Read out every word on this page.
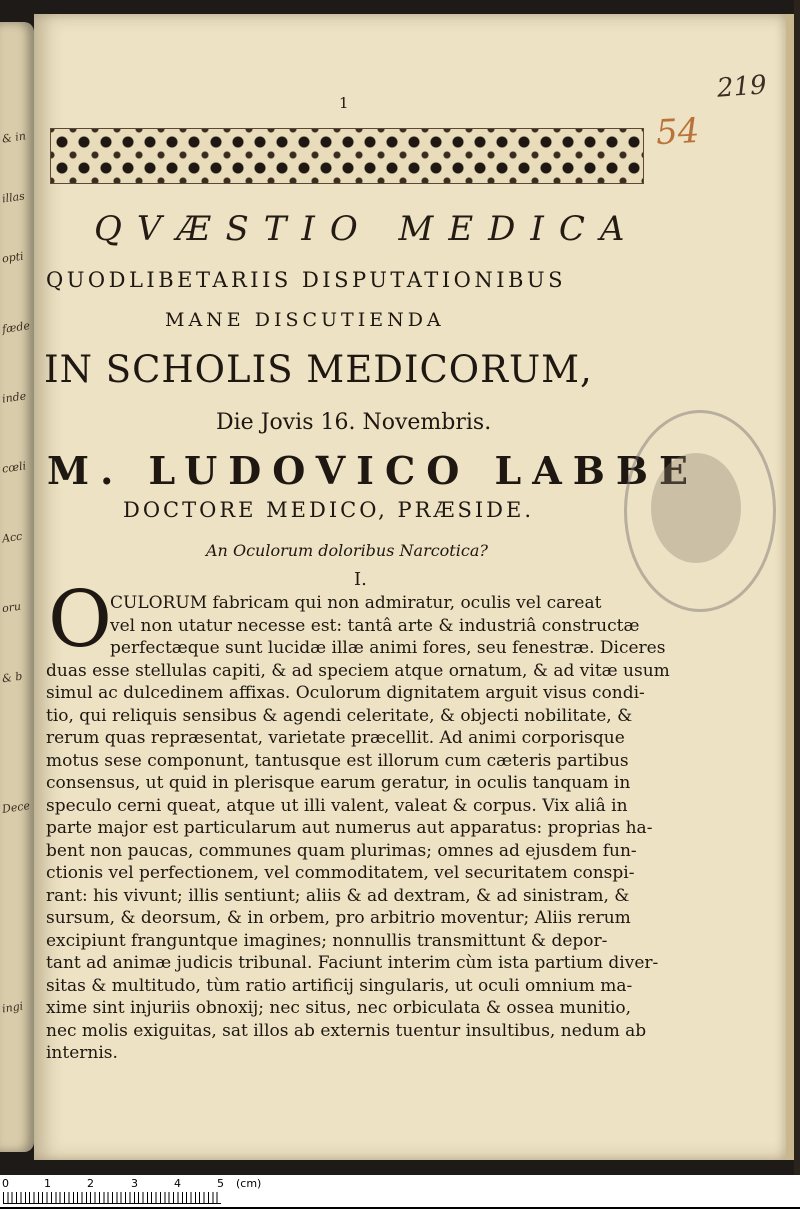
& in
illas
opti
fæde
inde
cœli
Acc
oru
& b
Dece
ingi
1	219
54
QVÆSTIO MEDICA
QUODLIBETARIIS DISPUTATIONIBUS
MANE DISCUTIENDA
IN SCHOLIS MEDICORUM,
Die Jovis 16. Novembris.
M. LUDOVICO LABBE
DOCTORE MEDICO, PRÆSIDE.
An Oculorum doloribus Narcotica?
I.
O
CULORUM fabricam qui non admiratur, oculis vel careat
vel non utatur necesse est: tantâ arte & industriâ constructæ
perfectæque sunt lucidæ illæ animi fores, seu fenestræ. Diceres
duas esse stellulas capiti, & ad speciem atque ornatum, & ad vitæ usum
simul ac dulcedinem affixas. Oculorum dignitatem arguit visus condi-
tio, qui reliquis sensibus & agendi celeritate, & objecti nobilitate, &
rerum quas repræsentat, varietate præcellit. Ad animi corporisque
motus sese componunt, tantusque est illorum cum cæteris partibus
consensus, ut quid in plerisque earum geratur, in oculis tanquam in
speculo cerni queat, atque ut illi valent, valeat & corpus. Vix aliâ in
parte major est particularum aut numerus aut apparatus: proprias ha-
bent non paucas, communes quam plurimas; omnes ad ejusdem fun-
ctionis vel perfectionem, vel commoditatem, vel securitatem conspi-
rant: his vivunt; illis sentiunt; aliis & ad dextram, & ad sinistram, &
sursum, & deorsum, & in orbem, pro arbitrio moventur; Aliis rerum
excipiunt franguntque imagines; nonnullis transmittunt & depor-
tant ad animæ judicis tribunal. Faciunt interim cùm ista partium diver-
sitas & multitudo, tùm ratio artificij singularis, ut oculi omnium ma-
xime sint injuriis obnoxij; nec situs, nec orbiculata & ossea munitio,
nec molis exiguitas, sat illos ab externis tuentur insultibus, nedum ab
internis.
0	1	2	3	4	5 (cm)
